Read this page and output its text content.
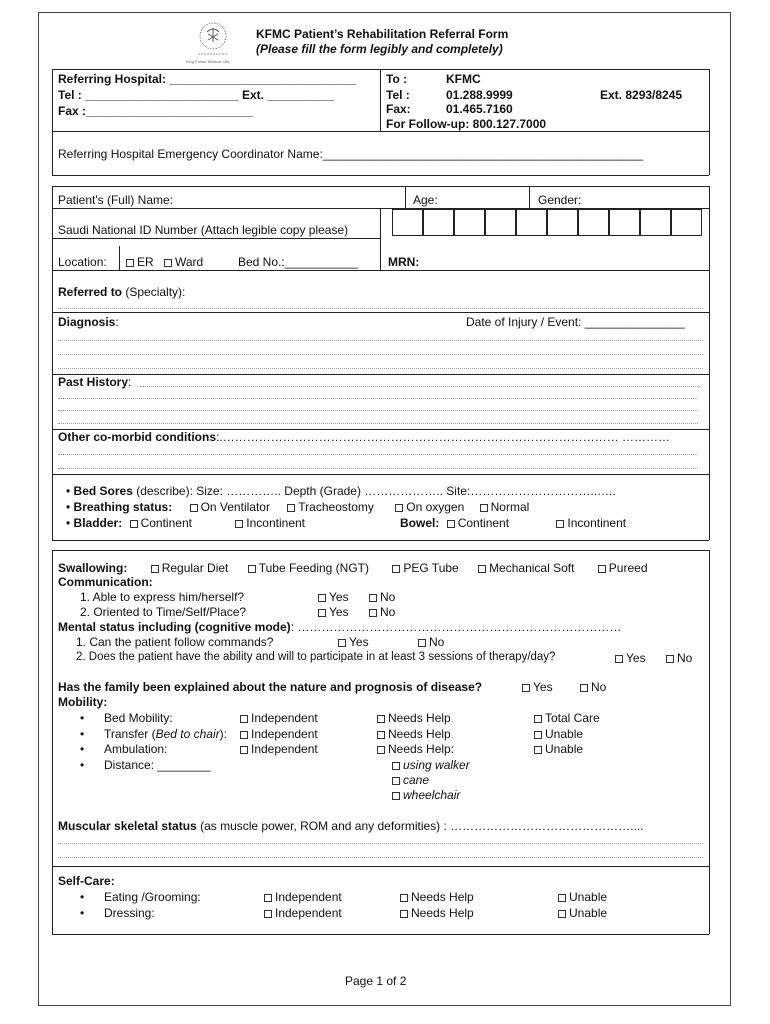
King Fahad Medical City
KFMC Patient’s Rehabilitation Referral Form
(Please fill the form legibly and completely)
Referring Hospital: ____________________________
Tel : _______________________ Ext. __________
Fax :_________________________
To :	KFMC
Tel :	01.288.9999	Ext. 8293/8245
Fax:	01.465.7160
For Follow-up: 800.127.7000
Referring Hospital Emergency Coordinator Name:________________________________________________
Patient's (Full) Name:	Age:	Gender:
Saudi National ID Number (Attach legible copy please)
Location:	ER	Ward	Bed No.:___________ MRN:
Referred to (Specialty):
Diagnosis:	Date of Injury / Event: _______________
Past History:
Other co-morbid conditions:.……………………………………………………………………………………… …………
• Bed Sores (describe): Size: ………….. Depth (Grade) ……………….. Site:…………………………..…..
• Breathing status: On Ventilator Tracheostomy	On oxygen Normal
• Bladder: Continent	Incontinent	Bowel: Continent	Incontinent
Swallowing:	Regular Diet	Tube Feeding (NGT)	PEG Tube	Mechanical Soft	Pureed
Communication:
1. Able to express him/herself?	Yes	No
2. Oriented to Time/Self/Place?	Yes	No
Mental status including (cognitive mode): ………………………………………………………………………
1. Can the patient follow commands?	Yes	No
2. Does the patient have the ability and will to participate in at least 3 sessions of therapy/day?	Yes	No
Has the family been explained about the nature and prognosis of disease?	Yes	No
Mobility:
• Bed Mobility:	Independent	Needs Help	Total Care
• Transfer (Bed to chair):	Independent	Needs Help	Unable
• Ambulation:	Independent	Needs Help:	Unable
• Distance: ________	using walker
cane
wheelchair
Muscular skeletal status (as muscle power, ROM and any deformities) : ………………………………………....
Self-Care:
• Eating /Grooming:	Independent	Needs Help	Unable
• Dressing:	Independent	Needs Help	Unable
Page 1 of 2
